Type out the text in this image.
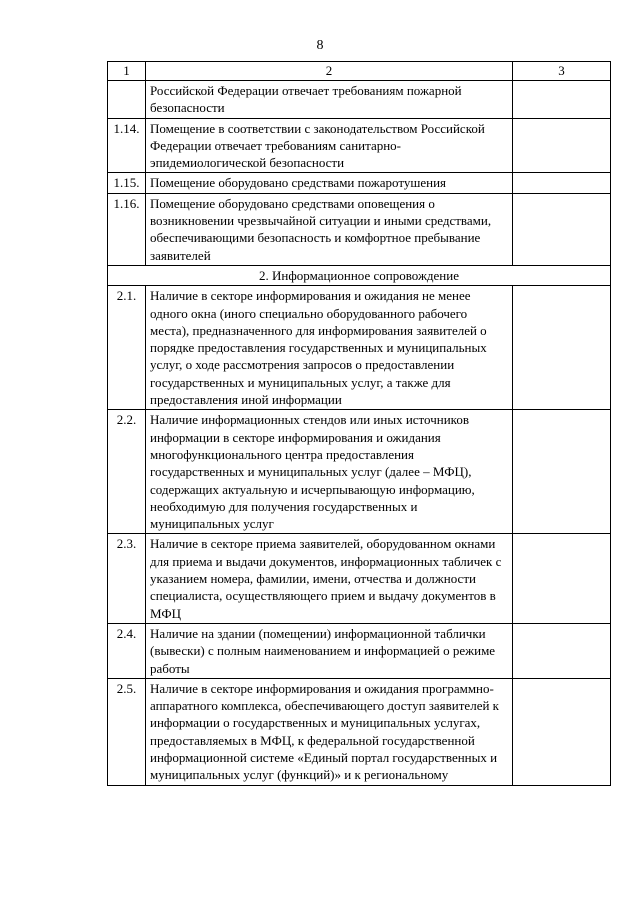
8
1	2	3
	Российской Федерации отвечает требованиям пожарной безопасности	
1.14.	Помещение в соответствии с законодательством Российской Федерации отвечает требованиям санитарно-эпидемиологической безопасности	
1.15.	Помещение оборудовано средствами пожаротушения	
1.16.	Помещение оборудовано средствами оповещения о возникновении чрезвычайной ситуации и иными средствами, обеспечивающими безопасность и комфортное пребывание заявителей	
2. Информационное сопровождение		
2.1.	Наличие в секторе информирования и ожидания не менее одного окна (иного специально оборудованного рабочего места), предназначенного для информирования заявителей о порядке предоставления государственных и муниципальных услуг, о ходе рассмотрения запросов о предоставлении государственных и муниципальных услуг, а также для предоставления иной информации	
2.2.	Наличие информационных стендов или иных источников информации в секторе информирования и ожидания многофункционального центра предоставления государственных и муниципальных услуг (далее – МФЦ), содержащих актуальную и исчерпывающую информацию, необходимую для получения государственных и муниципальных услуг	
2.3.	Наличие в секторе приема заявителей, оборудованном окнами для приема и выдачи документов, информационных табличек с указанием номера, фамилии, имени, отчества и должности специалиста, осуществляющего прием и выдачу документов в МФЦ	
2.4.	Наличие на здании (помещении) информационной таблички (вывески) с полным наименованием и информацией о режиме работы	
2.5.	Наличие в секторе информирования и ожидания программно-аппаратного комплекса, обеспечивающего доступ заявителей к информации о государственных и муниципальных услугах, предоставляемых в МФЦ, к федеральной государственной информационной системе «Единый портал государственных и муниципальных услуг (функций)» и к региональному	
